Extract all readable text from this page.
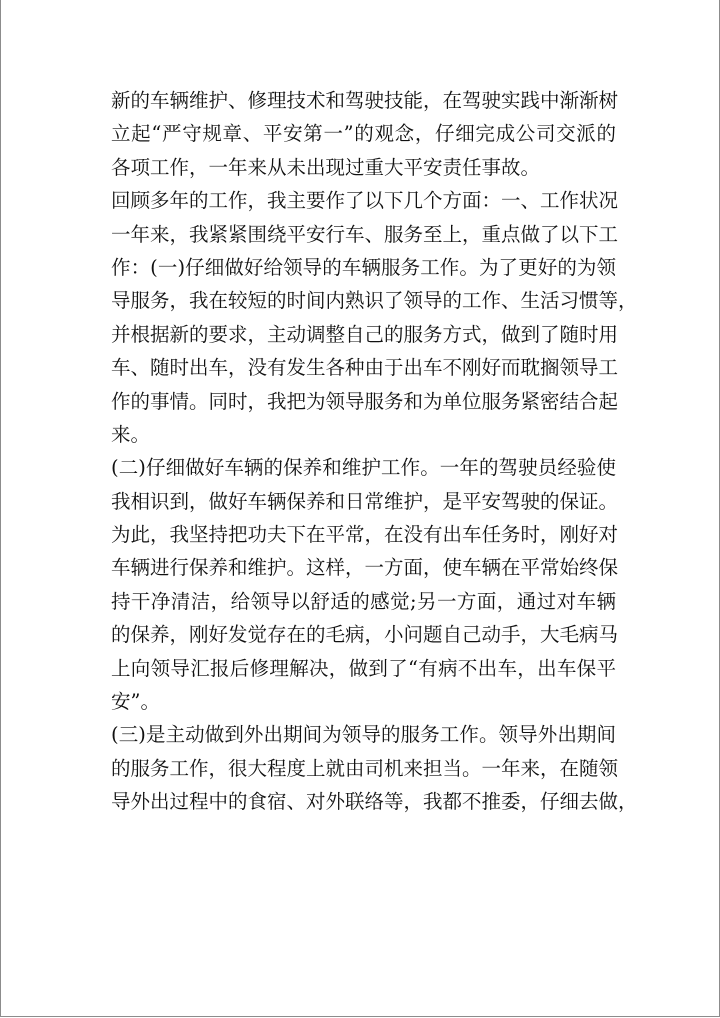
新的车辆维护、修理技术和驾驶技能，在驾驶实践中渐渐树
立起“严守规章、平安第一”的观念，仔细完成公司交派的
各项工作，一年来从未出现过重大平安责任事故。
回顾多年的工作，我主要作了以下几个方面：一、工作状况
一年来，我紧紧围绕平安行车、服务至上，重点做了以下工
作：(一)仔细做好给领导的车辆服务工作。为了更好的为领
导服务，我在较短的时间内熟识了领导的工作、生活习惯等，
并根据新的要求，主动调整自己的服务方式，做到了随时用
车、随时出车，没有发生各种由于出车不刚好而耽搁领导工
作的事情。同时，我把为领导服务和为单位服务紧密结合起
来。
(二)仔细做好车辆的保养和维护工作。一年的驾驶员经验使
我相识到，做好车辆保养和日常维护，是平安驾驶的保证。
为此，我坚持把功夫下在平常，在没有出车任务时，刚好对
车辆进行保养和维护。这样，一方面，使车辆在平常始终保
持干净清洁，给领导以舒适的感觉;另一方面，通过对车辆
的保养，刚好发觉存在的毛病，小问题自己动手，大毛病马
上向领导汇报后修理解决，做到了“有病不出车，出车保平
安”。
(三)是主动做到外出期间为领导的服务工作。领导外出期间
的服务工作，很大程度上就由司机来担当。一年来，在随领
导外出过程中的食宿、对外联络等，我都不推委，仔细去做，
